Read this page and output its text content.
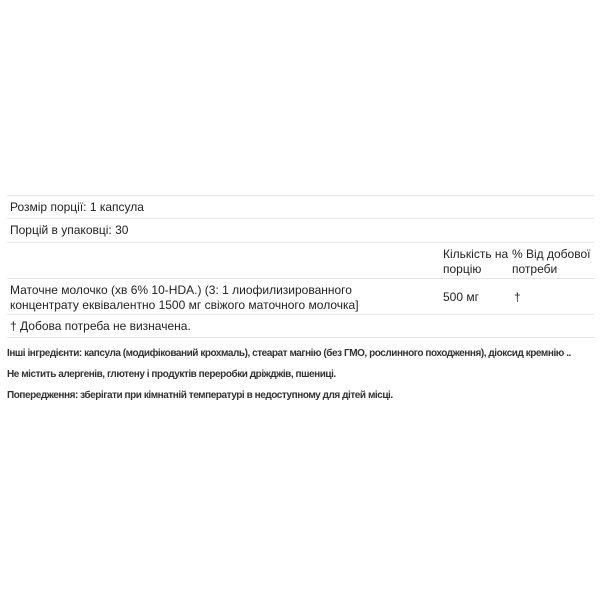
Розмір порції: 1 капсула
Порцій в упаковці: 30
Кількість на порцію
% Від добової потреби
Маточне молочко (хв 6% 10-HDA.) (3: 1 лиофилизированного концентрату еквівалентно 1500 мг свіжого маточного молочка]
500 мг	†
† Добова потреба не визначена.
Інші інгредієнти: капсула (модифікований крохмаль), стеарат магнію (без ГМО, рослинного походження), діоксид кремнію ..
Не містить алергенів, глютену і продуктів переробки дріжджів, пшениці.
Попередження: зберігати при кімнатній температурі в недоступному для дітей місці.
